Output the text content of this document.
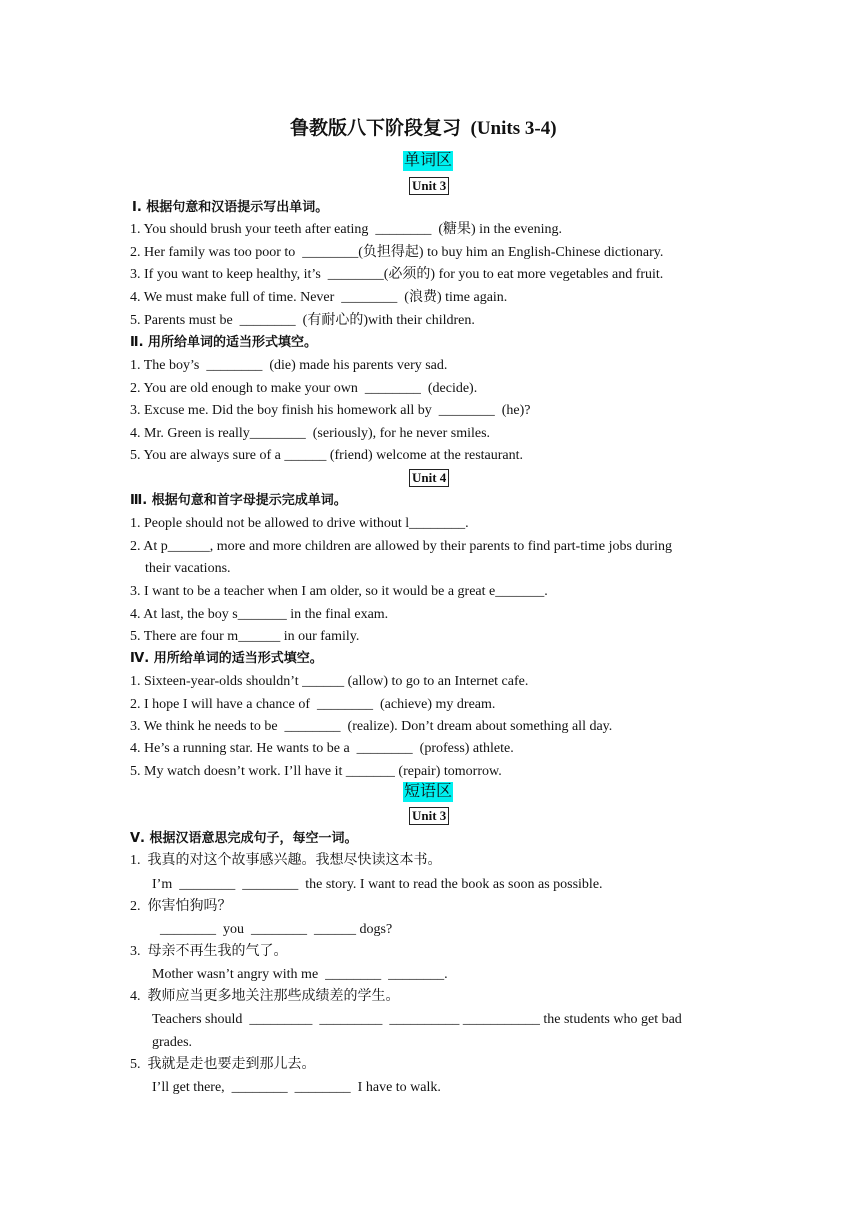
鲁教版八下阶段复习  (Units 3-4)
单词区
Unit 3
Ⅰ. 根据句意和汉语提示写出单词。
1. You should brush your teeth after eating  ________  (糖果) in the evening.
2. Her family was too poor to  ________(负担得起) to buy him an English-Chinese dictionary.
3. If you want to keep healthy, it’s  ________(必须的) for you to eat more vegetables and fruit.
4. We must make full of time. Never  ________  (浪费) time again.
5. Parents must be  ________  (有耐心的)with their children.
Ⅱ. 用所给单词的适当形式填空。
1. The boy’s  ________  (die) made his parents very sad.
2. You are old enough to make your own  ________  (decide).
3. Excuse me. Did the boy finish his homework all by  ________  (he)?
4. Mr. Green is really________  (seriously), for he never smiles.
5. You are always sure of a ______ (friend) welcome at the restaurant.
Unit 4
Ⅲ. 根据句意和首字母提示完成单词。
1. People should not be allowed to drive without l________.
2. At p______, more and more children are allowed by their parents to find part-time jobs during
their vacations.
3. I want to be a teacher when I am older, so it would be a great e_______.
4. At last, the boy s_______ in the final exam.
5. There are four m______ in our family.
Ⅳ. 用所给单词的适当形式填空。
1. Sixteen-year-olds shouldn’t ______ (allow) to go to an Internet cafe.
2. I hope I will have a chance of  ________  (achieve) my dream.
3. We think he needs to be  ________  (realize). Don’t dream about something all day.
4. He’s a running star. He wants to be a  ________  (profess) athlete.
5. My watch doesn’t work. I’ll have it _______ (repair) tomorrow.
短语区
Unit 3
Ⅴ. 根据汉语意思完成句子，每空一词。
1.  我真的对这个故事感兴趣。我想尽快读这本书。
I’m  ________  ________  the story. I want to read the book as soon as possible.
2.  你害怕狗吗？
________  you  ________  ______ dogs?
3.  母亲不再生我的气了。
Mother wasn’t angry with me  ________  ________.
4.  教师应当更多地关注那些成绩差的学生。
Teachers should  _________  _________  __________ ___________ the students who get bad
grades.
5.  我就是走也要走到那儿去。
I’ll get there,  ________  ________  I have to walk.
